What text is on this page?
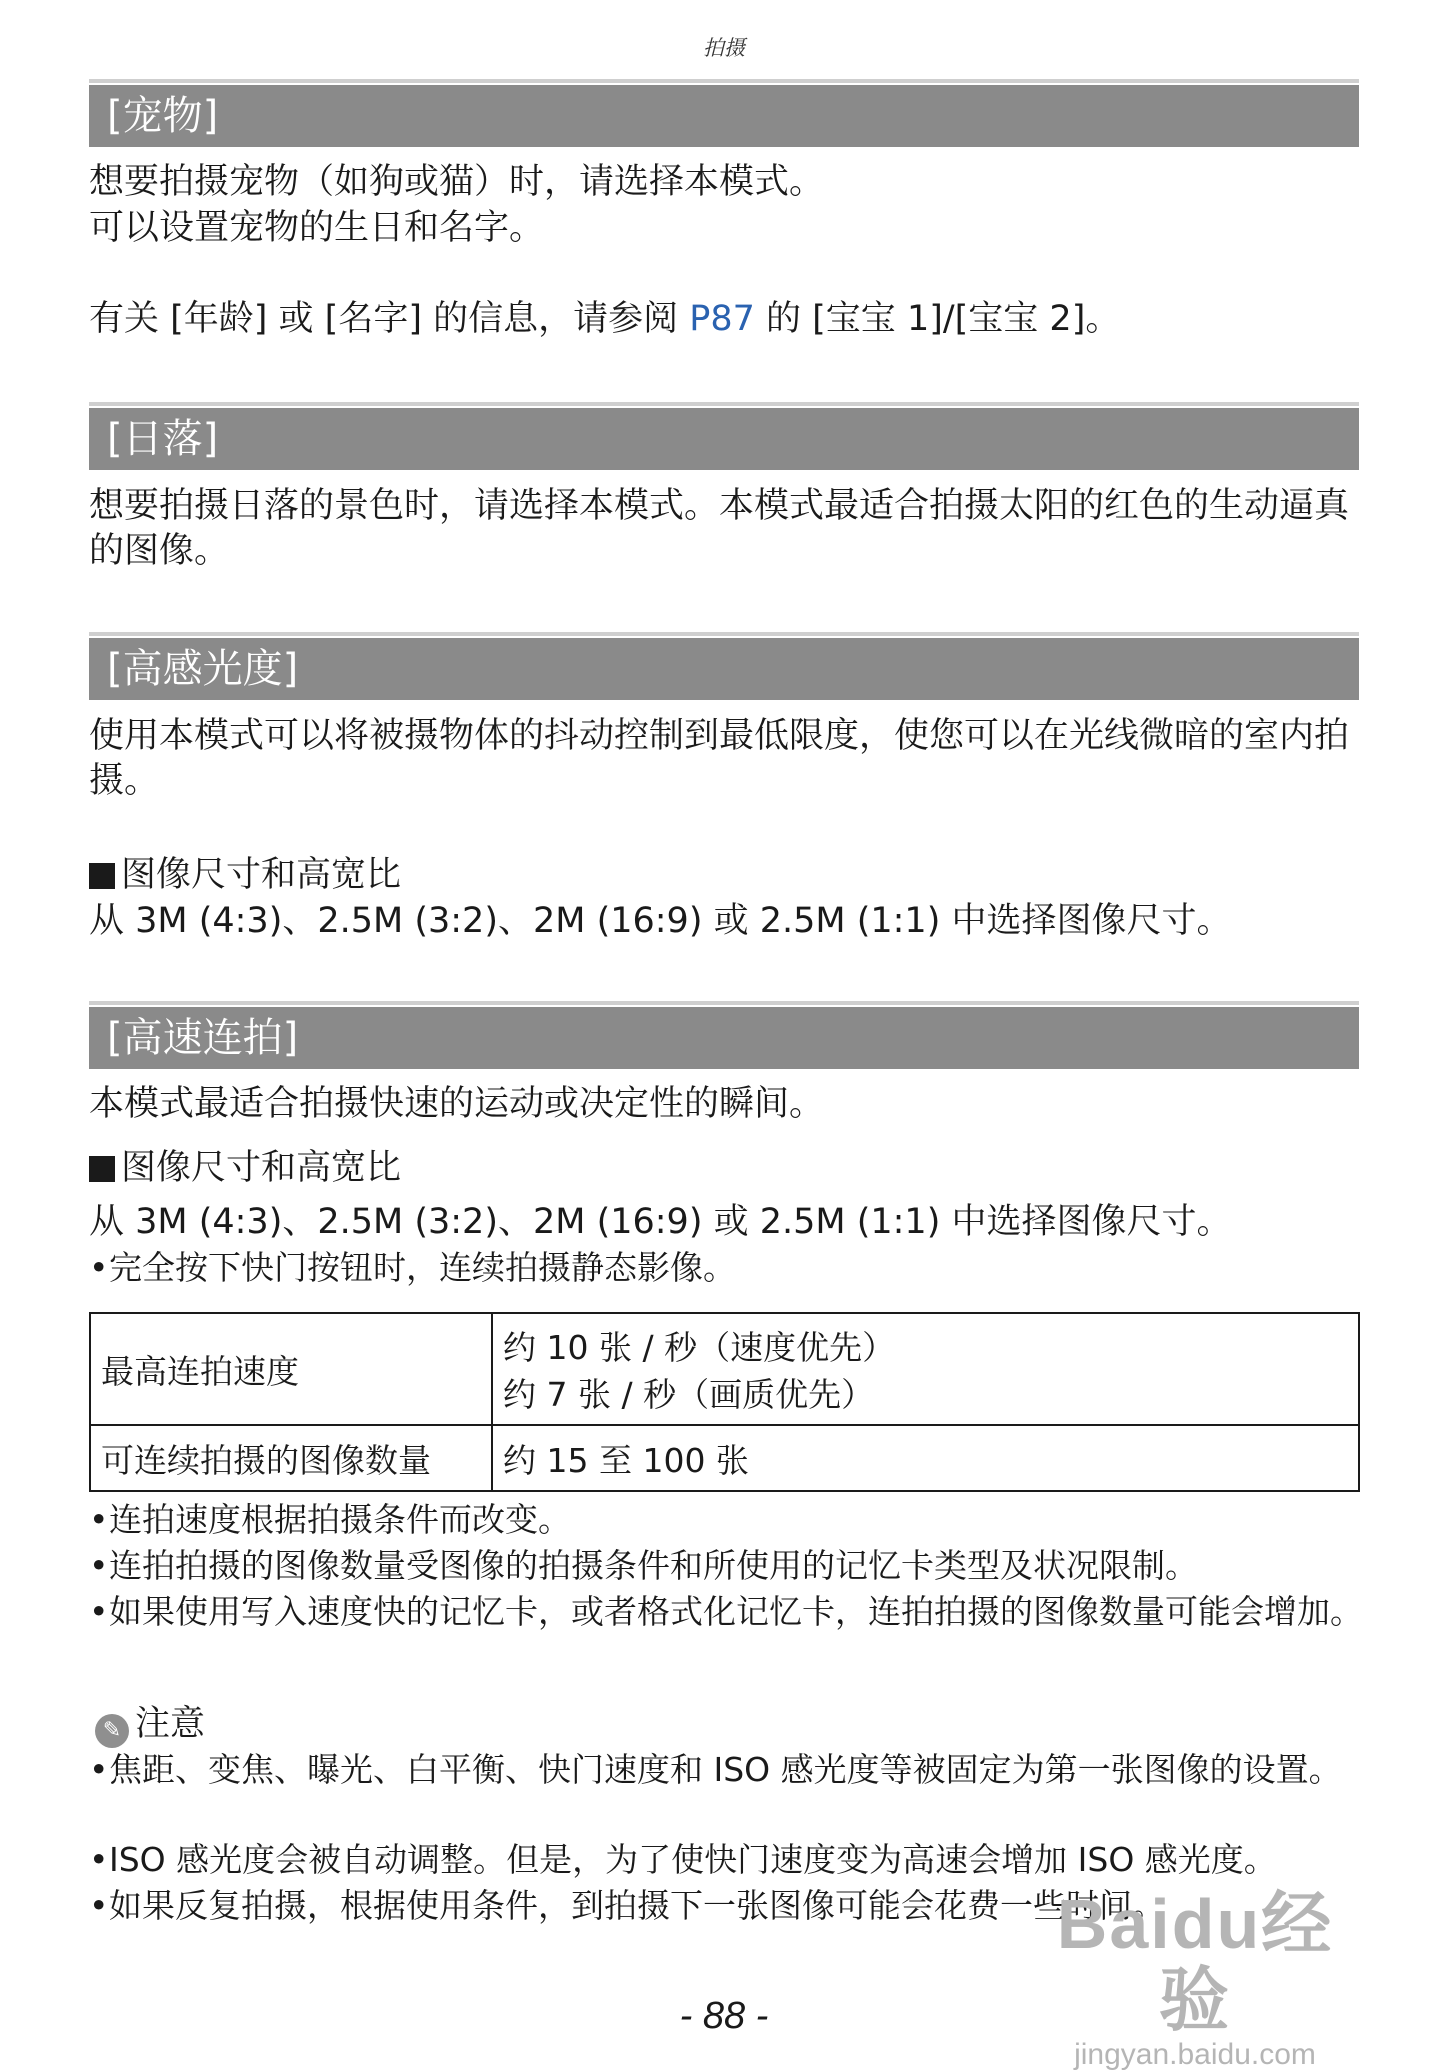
拍摄
[宠物]
想要拍摄宠物（如狗或猫）时，请选择本模式。
可以设置宠物的生日和名字。
有关 [年龄] 或 [名字] 的信息，请参阅 P87 的 [宝宝 1]/[宝宝 2]。
[日落]
想要拍摄日落的景色时，请选择本模式。本模式最适合拍摄太阳的红色的生动逼真的图像。
[高感光度]
使用本模式可以将被摄物体的抖动控制到最低限度，使您可以在光线微暗的室内拍摄。
图像尺寸和高宽比
从 3M (4:3)、2.5M (3:2)、2M (16:9) 或 2.5M (1:1) 中选择图像尺寸。
[高速连拍]
本模式最适合拍摄快速的运动或决定性的瞬间。
图像尺寸和高宽比
从 3M (4:3)、2.5M (3:2)、2M (16:9) 或 2.5M (1:1) 中选择图像尺寸。
• 完全按下快门按钮时，连续拍摄静态影像。
最高连拍速度	约 10 张 / 秒（速度优先）
约 7 张 / 秒（画质优先）

可连续拍摄的图像数量	约 15 至 100 张
• 连拍速度根据拍摄条件而改变。
• 连拍拍摄的图像数量受图像的拍摄条件和所使用的记忆卡类型及状况限制。
• 如果使用写入速度快的记忆卡，或者格式化记忆卡，连拍拍摄的图像数量可能会增加。
✎ 注意
• 焦距、变焦、曝光、白平衡、快门速度和 ISO 感光度等被固定为第一张图像的设置。
• ISO 感光度会被自动调整。但是，为了使快门速度变为高速会增加 ISO 感光度。
• 如果反复拍摄，根据使用条件，到拍摄下一张图像可能会花费一些时间。
Baidu经验
jingyan.baidu.com
- 88 -
